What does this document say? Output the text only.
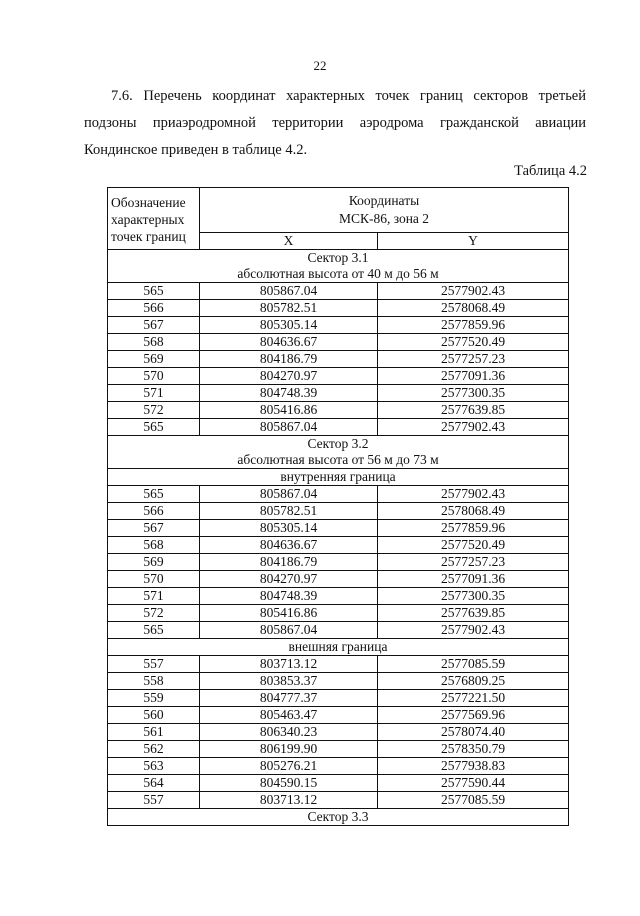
22
7.6. Перечень координат характерных точек границ секторов третьей
подзоны приаэродромной территории аэродрома гражданской авиации
Кондинское приведен в таблице 4.2.
Таблица 4.2
Обозначение
характерных
точек границ	Координаты
МСК-86, зона 2	
	X	Y
Сектор 3.1
абсолютная высота от 40 м до 56 м		
565	805867.04	2577902.43
566	805782.51	2578068.49
567	805305.14	2577859.96
568	804636.67	2577520.49
569	804186.79	2577257.23
570	804270.97	2577091.36
571	804748.39	2577300.35
572	805416.86	2577639.85
565	805867.04	2577902.43
Сектор 3.2
абсолютная высота от 56 м до 73 м		
внутренняя граница		
565	805867.04	2577902.43
566	805782.51	2578068.49
567	805305.14	2577859.96
568	804636.67	2577520.49
569	804186.79	2577257.23
570	804270.97	2577091.36
571	804748.39	2577300.35
572	805416.86	2577639.85
565	805867.04	2577902.43
внешняя граница		
557	803713.12	2577085.59
558	803853.37	2576809.25
559	804777.37	2577221.50
560	805463.47	2577569.96
561	806340.23	2578074.40
562	806199.90	2578350.79
563	805276.21	2577938.83
564	804590.15	2577590.44
557	803713.12	2577085.59
Сектор 3.3		
